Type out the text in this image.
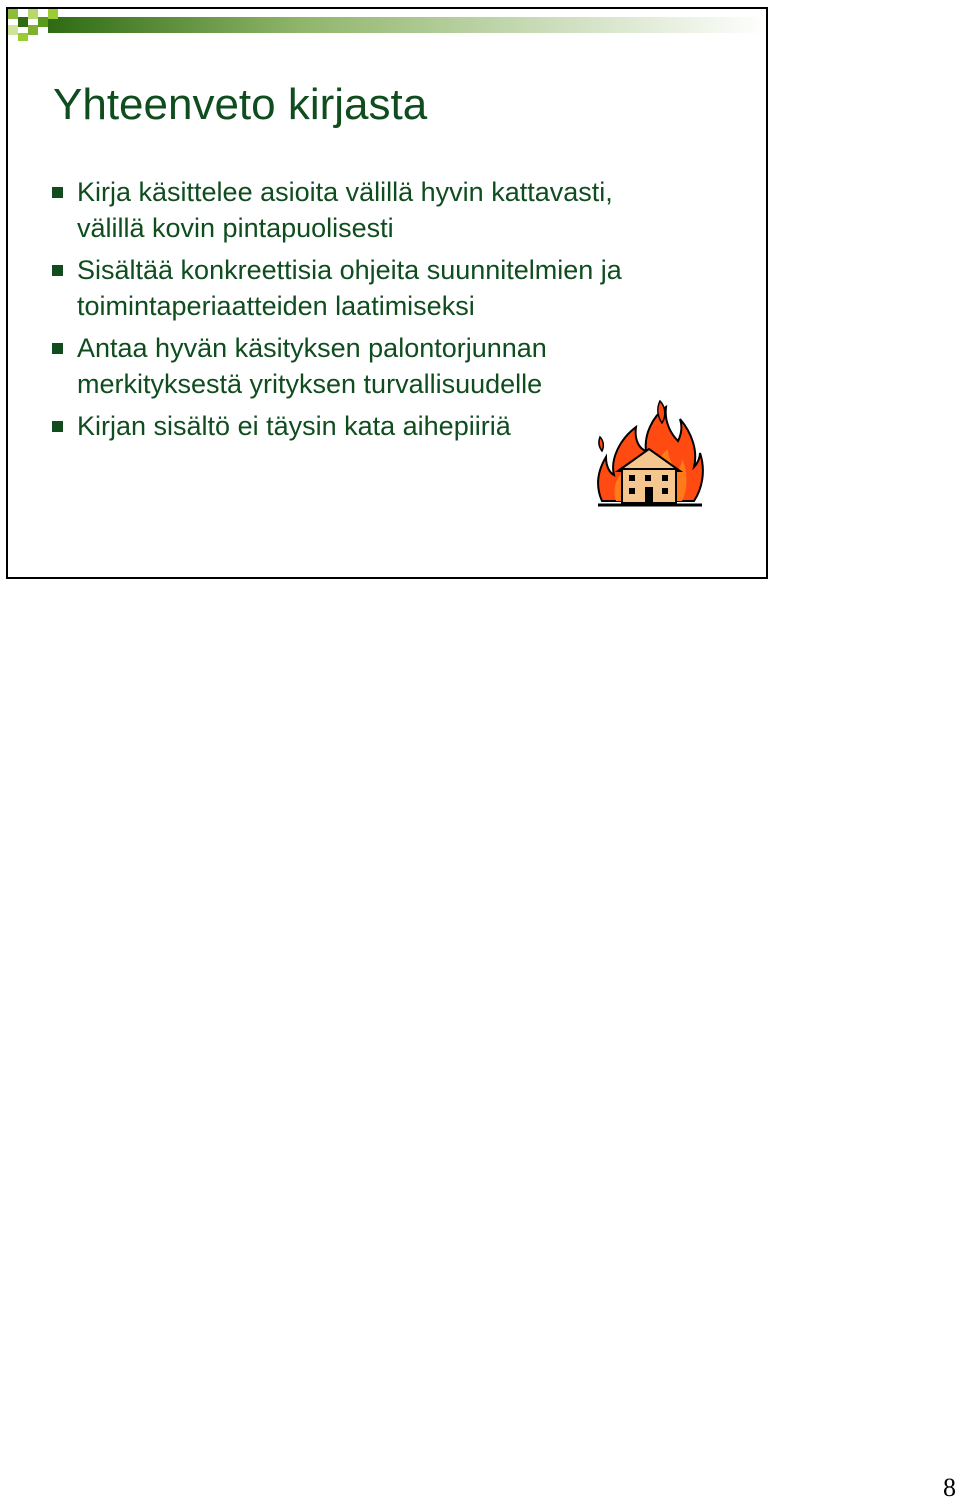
Yhteenveto kirjasta
Kirja käsittelee asioita välillä hyvin kattavasti,
välillä kovin pintapuolisesti
Sisältää konkreettisia ohjeita suunnitelmien ja
toimintaperiaatteiden laatimiseksi
Antaa hyvän käsityksen palontorjunnan
merkityksestä yrityksen turvallisuudelle
Kirjan sisältö ei täysin kata aihepiiriä
8
